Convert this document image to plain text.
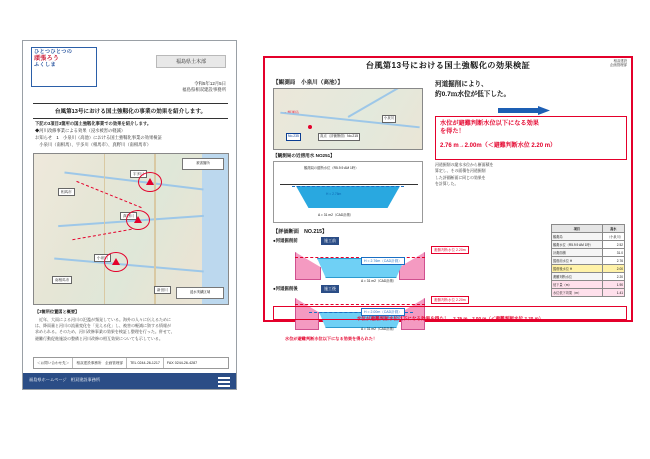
ひとつひとつの
頑張ろう
ふくしま	福島県土木部
令和5年12月5日
福島県相双建設事務所
台風第13号における国土強靱化の事業の効果を紹介します。
下記の3項目3箇所の国土強靱化事業での効果を紹介します。
◆河川改修事業による効果（浸水被害の軽減）
お知らせ　1　小泉川（高池）における国土強靱化事業の効果検証
　小泉川（南相馬）、宇多川（相馬市）、真野川（南相馬市）
被害箇所
浸水実績区域
宇多川
真野川
小泉川
相馬市
南相馬市
新田川
【3箇所位置図と概要】
　近年、大雨による河川の氾濫が頻発している。海外の人々に伝えるために
は、降雨量と河川の流量変化を「見える化」し、被害の軽減に資する情報が
求められる。そのため、河川改修事業の効果を検証し整理を行った。併せて、
避難行動促進施設の整備と河川改修の相互効果についても示している。
＜お問い合わせ先＞	相双建設事務所　企画管理部	TEL 0244-26-1217	FAX 0244-26-4287
福島県ホームページ　相双建設事務所
台風第13号における国土強靱化の効果検証	相双建設
企画管理部
【観測局　小泉川（高池）】
No.235	高点（評価断面）No.215
小泉川
【観測局の近傍用水 NO251】
観測局の縦断水位（R5.9.9 AM 1時）
H = 2.76m
A = 31 m2（CAD計測）
河道掘削により、
約0.7ｍ水位が低下した。
水位が避難判断水位以下になる効果
を得た！
2.76 m→2.00m（＜避難判断水位 2.20 m）
河道掘削の縦水水位から断面積を
算定し、その面積を河道掘削
した評価断面に同じの効果を
を計算した。
【評価断面　NO.215】
●河道掘削前	施工前
避難判断水位 2.20m
H = 2.76m（CAD計測）
A = 31 m2（CAD計測）
●河道掘削後	施工後
避難判断水位 2.20m
H = 2.00m（CAD計測）
A = 31 m2（CAD計測）
水位が避難判断水位以下になる効果を得られた！
水位が避難判断水位以下になる効果を得た！　2.76 m→2.00 m（＜避難判断水位 2.20 m）
項目	高水
観測局	（小泉川）
観測水位（R5.9.9 AM 1時）	2.52
計測面積	31.0
掘削前水位 H	2.76
掘削後水位 H	2.00
避難判断水位	2.20
低下量（m）	1.90
水位低下効果（m）	1.41
